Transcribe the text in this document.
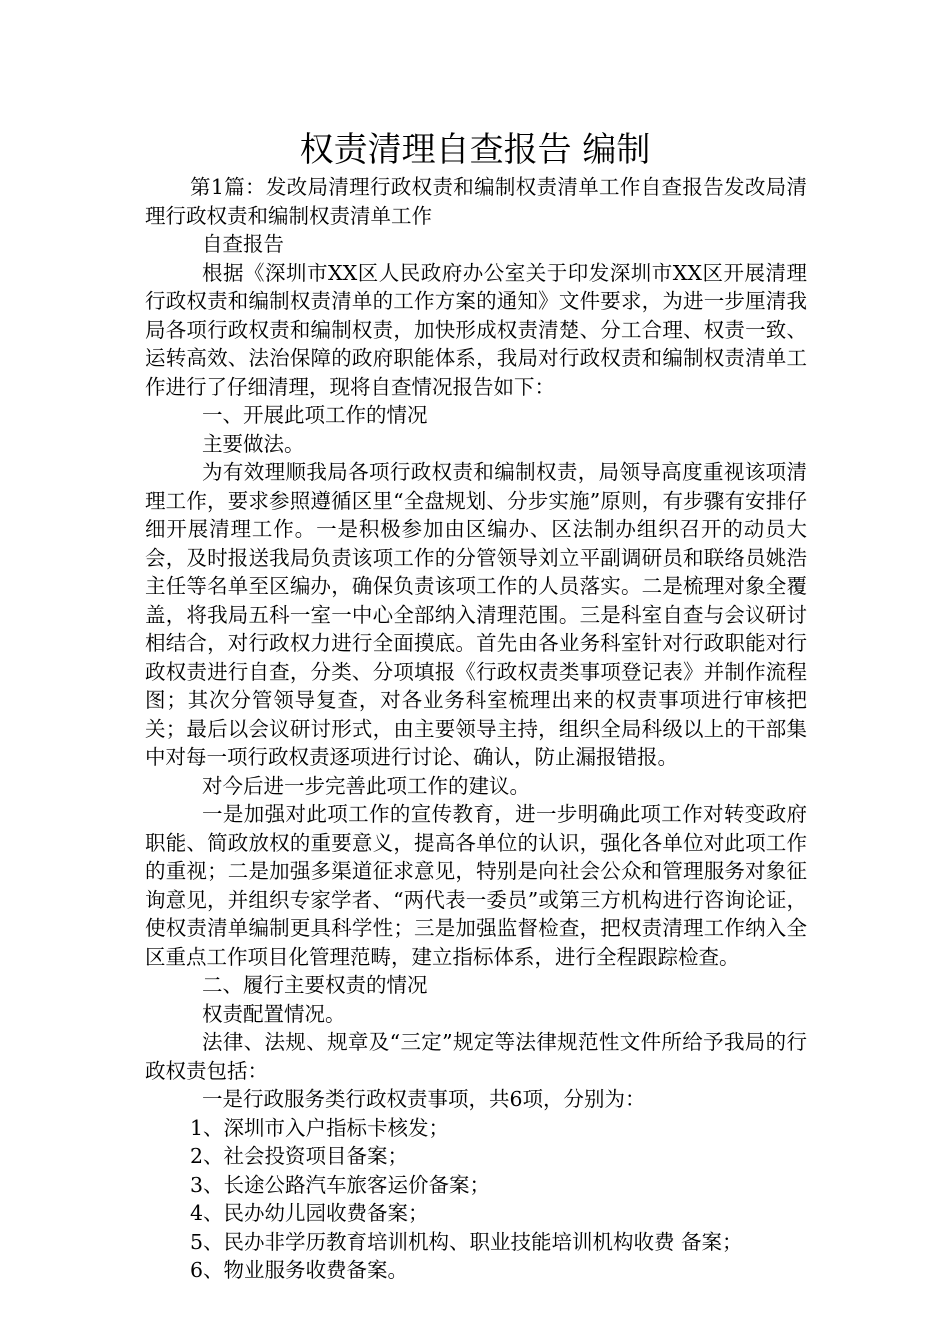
权责清理自查报告 编制

第1篇：发改局清理行政权责和编制权责清单工作自查报告发改局清理行政权责和编制权责清单工作

自查报告

根据《深圳市XX区人民政府办公室关于印发深圳市XX区开展清理行政权责和编制权责清单的工作方案的通知》文件要求，为进一步厘清我局各项行政权责和编制权责，加快形成权责清楚、分工合理、权责一致、运转高效、法治保障的政府职能体系，我局对行政权责和编制权责清单工作进行了仔细清理，现将自查情况报告如下：

一、开展此项工作的情况

主要做法。

为有效理顺我局各项行政权责和编制权责，局领导高度重视该项清理工作，要求参照遵循区里“全盘规划、分步实施”原则，有步骤有安排仔细开展清理工作。一是积极参加由区编办、区法制办组织召开的动员大会，及时报送我局负责该项工作的分管领导刘立平副调研员和联络员姚浩主任等名单至区编办，确保负责该项工作的人员落实。二是梳理对象全覆盖，将我局五科一室一中心全部纳入清理范围。三是科室自查与会议研讨相结合，对行政权力进行全面摸底。首先由各业务科室针对行政职能对行政权责进行自查，分类、分项填报《行政权责类事项登记表》并制作流程图；其次分管领导复查，对各业务科室梳理出来的权责事项进行审核把关；最后以会议研讨形式，由主要领导主持，组织全局科级以上的干部集中对每一项行政权责逐项进行讨论、确认，防止漏报错报。

对今后进一步完善此项工作的建议。

一是加强对此项工作的宣传教育，进一步明确此项工作对转变政府职能、简政放权的重要意义，提高各单位的认识，强化各单位对此项工作的重视；二是加强多渠道征求意见，特别是向社会公众和管理服务对象征询意见，并组织专家学者、“两代表一委员”或第三方机构进行咨询论证，使权责清单编制更具科学性；三是加强监督检查，把权责清理工作纳入全区重点工作项目化管理范畴，建立指标体系，进行全程跟踪检查。

二、履行主要权责的情况

权责配置情况。

法律、法规、规章及“三定”规定等法律规范性文件所给予我局的行政权责包括：

一是行政服务类行政权责事项，共6项，分别为：

1、深圳市入户指标卡核发；

2、社会投资项目备案；

3、长途公路汽车旅客运价备案；

4、民办幼儿园收费备案；

5、民办非学历教育培训机构、职业技能培训机构收费 备案；

6、物业服务收费备案。
